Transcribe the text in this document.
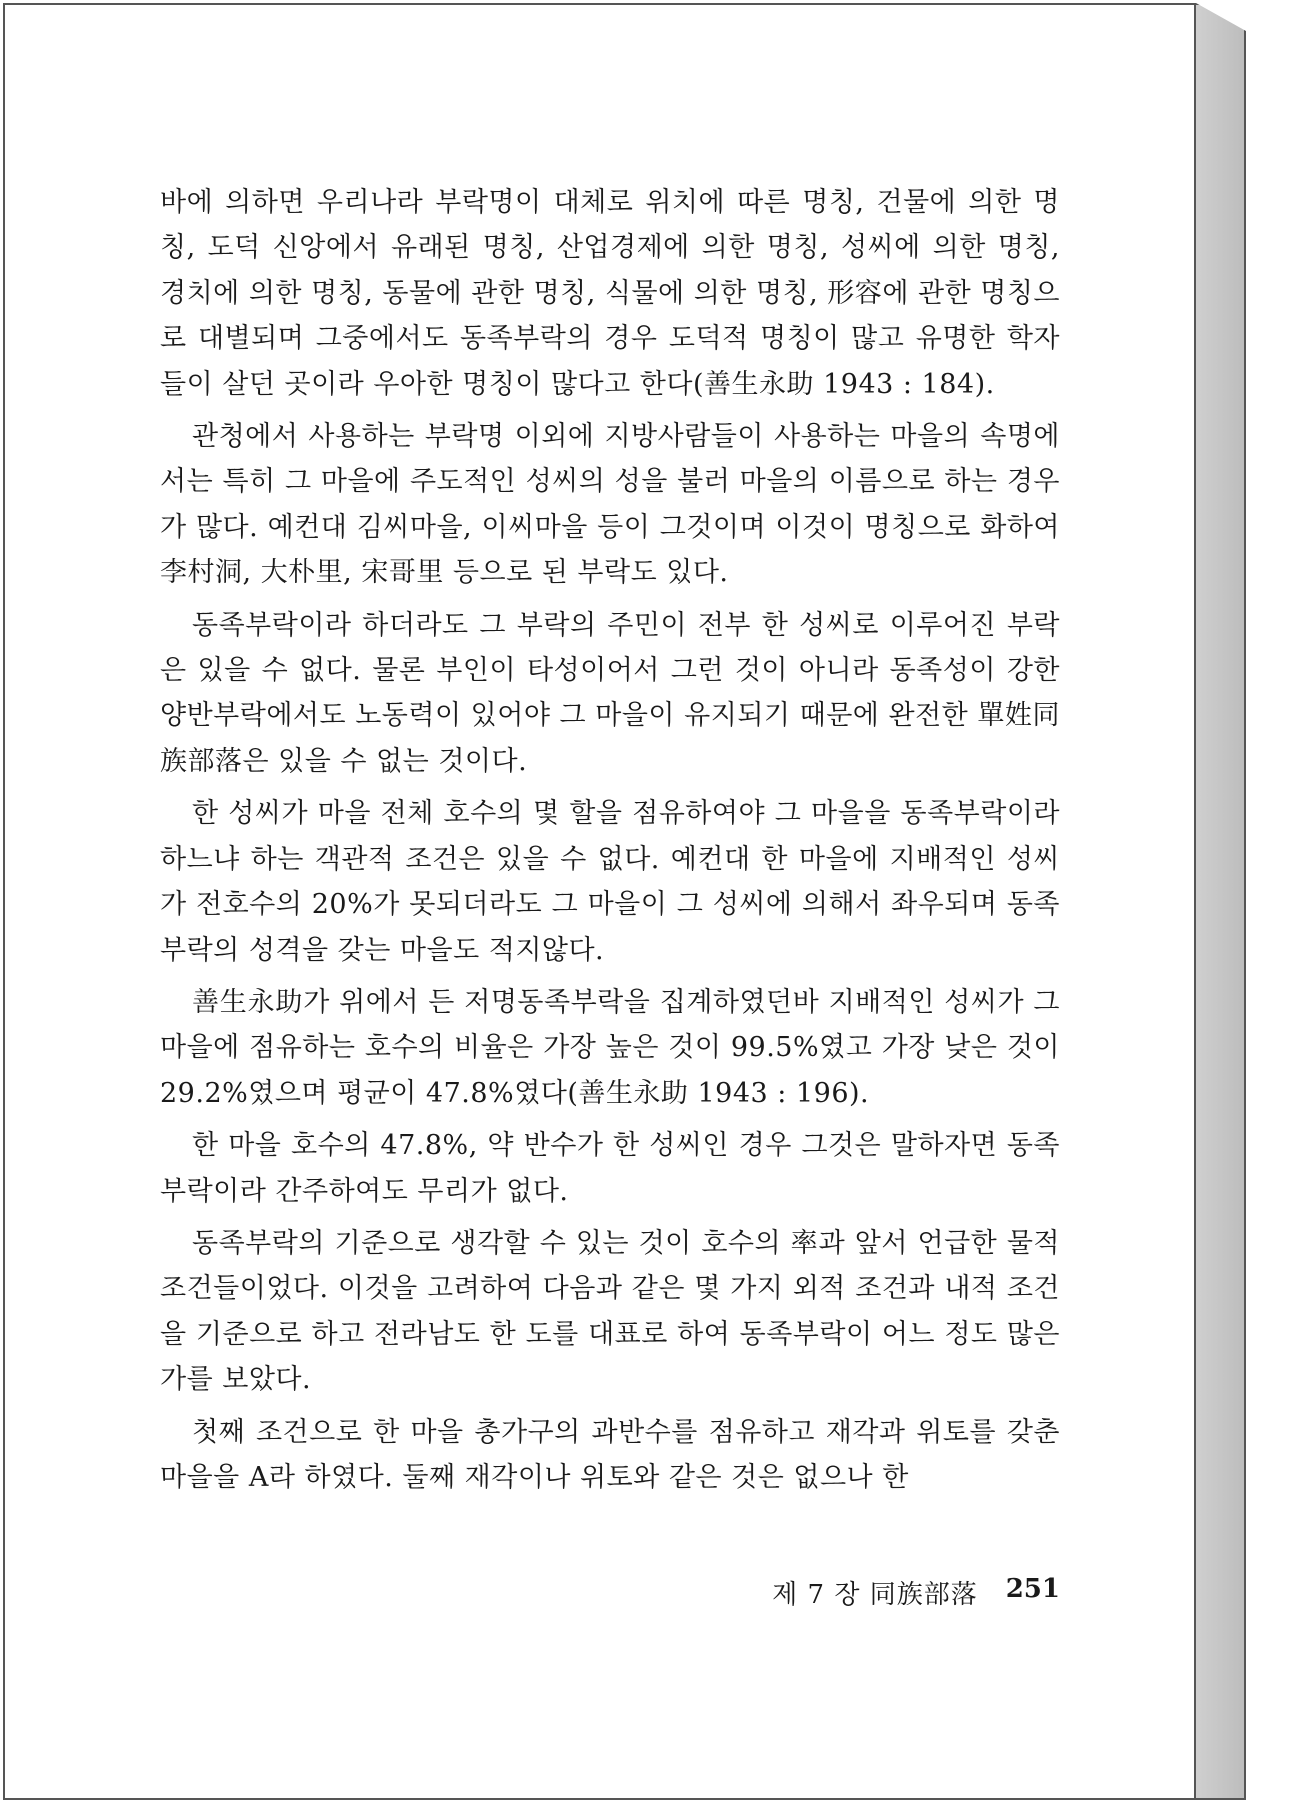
바에 의하면 우리나라 부락명이 대체로 위치에 따른 명칭, 건물에 의한 명칭, 도덕 신앙에서 유래된 명칭, 산업경제에 의한 명칭, 성씨에 의한 명칭, 경치에 의한 명칭, 동물에 관한 명칭, 식물에 의한 명칭, 形容에 관한 명칭으로 대별되며 그중에서도 동족부락의 경우 도덕적 명칭이 많고 유명한 학자들이 살던 곳이라 우아한 명칭이 많다고 한다(善生永助 1943 : 184).

관청에서 사용하는 부락명 이외에 지방사람들이 사용하는 마을의 속명에서는 특히 그 마을에 주도적인 성씨의 성을 불러 마을의 이름으로 하는 경우가 많다. 예컨대 김씨마을, 이씨마을 등이 그것이며 이것이 명칭으로 화하여 李村洞, 大朴里, 宋哥里 등으로 된 부락도 있다.

동족부락이라 하더라도 그 부락의 주민이 전부 한 성씨로 이루어진 부락은 있을 수 없다. 물론 부인이 타성이어서 그런 것이 아니라 동족성이 강한 양반부락에서도 노동력이 있어야 그 마을이 유지되기 때문에 완전한 單姓同族部落은 있을 수 없는 것이다.

한 성씨가 마을 전체 호수의 몇 할을 점유하여야 그 마을을 동족부락이라 하느냐 하는 객관적 조건은 있을 수 없다. 예컨대 한 마을에 지배적인 성씨가 전호수의 20%가 못되더라도 그 마을이 그 성씨에 의해서 좌우되며 동족부락의 성격을 갖는 마을도 적지않다.

善生永助가 위에서 든 저명동족부락을 집계하였던바 지배적인 성씨가 그 마을에 점유하는 호수의 비율은 가장 높은 것이 99.5%였고 가장 낮은 것이 29.2%였으며 평균이 47.8%였다(善生永助 1943 : 196).

한 마을 호수의 47.8%, 약 반수가 한 성씨인 경우 그것은 말하자면 동족부락이라 간주하여도 무리가 없다.

동족부락의 기준으로 생각할 수 있는 것이 호수의 率과 앞서 언급한 물적 조건들이었다. 이것을 고려하여 다음과 같은 몇 가지 외적 조건과 내적 조건을 기준으로 하고 전라남도 한 도를 대표로 하여 동족부락이 어느 정도 많은가를 보았다.

첫째 조건으로 한 마을 총가구의 과반수를 점유하고 재각과 위토를 갖춘 마을을 A라 하였다. 둘째 재각이나 위토와 같은 것은 없으나 한

제 7 장 同族部落 251
